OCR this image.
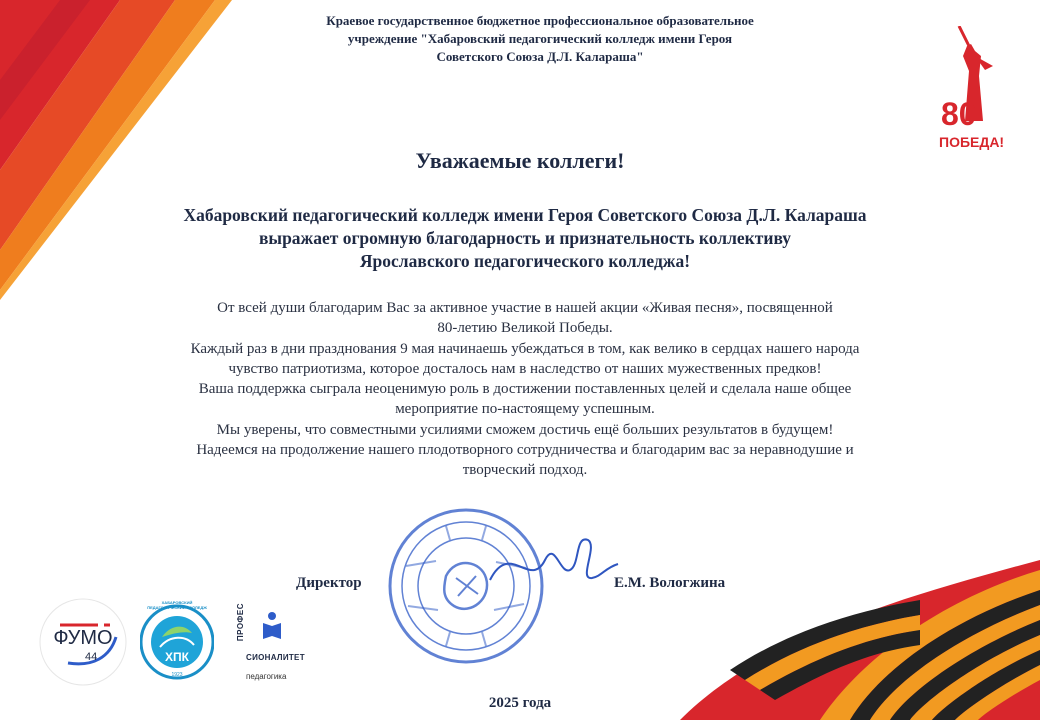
80
ПОБЕДА!
Краевое государственное бюджетное профессиональное образовательное
учреждение "Хабаровский педагогический колледж имени Героя
Советского Союза Д.Л. Калараша"
Уважаемые коллеги!
Хабаровский педагогический колледж имени Героя Советского Союза Д.Л. Калараша
выражает огромную благодарность и признательность коллективу
Ярославского педагогического колледжа!
От всей души благодарим Вас за активное участие в нашей акции «Живая песня», посвященной
80-летию Великой Победы.
Каждый раз в дни празднования 9 мая начинаешь убеждаться в том, как велико в сердцах нашего народа
чувство патриотизма, которое досталось нам в наследство от наших мужественных предков!
Ваша поддержка сыграла неоценимую роль в достижении поставленных целей и сделала наше общее
мероприятие по-настоящему успешным.
Мы уверены, что совместными усилиями сможем достичь ещё больших результатов в будущем!
Надеемся на продолжение нашего плодотворного сотрудничества и благодарим вас за неравнодушие и
творческий подход.
Директор	Е.М. Вологжина
ФУМО
44
ХАБАРОВСКИЙ ПЕДАГОГИЧЕСКИЙ КОЛЛЕДЖ
ХПК
1923
ПРОФЕС
СИОНАЛИТЕТ
педагогика
2025 года
